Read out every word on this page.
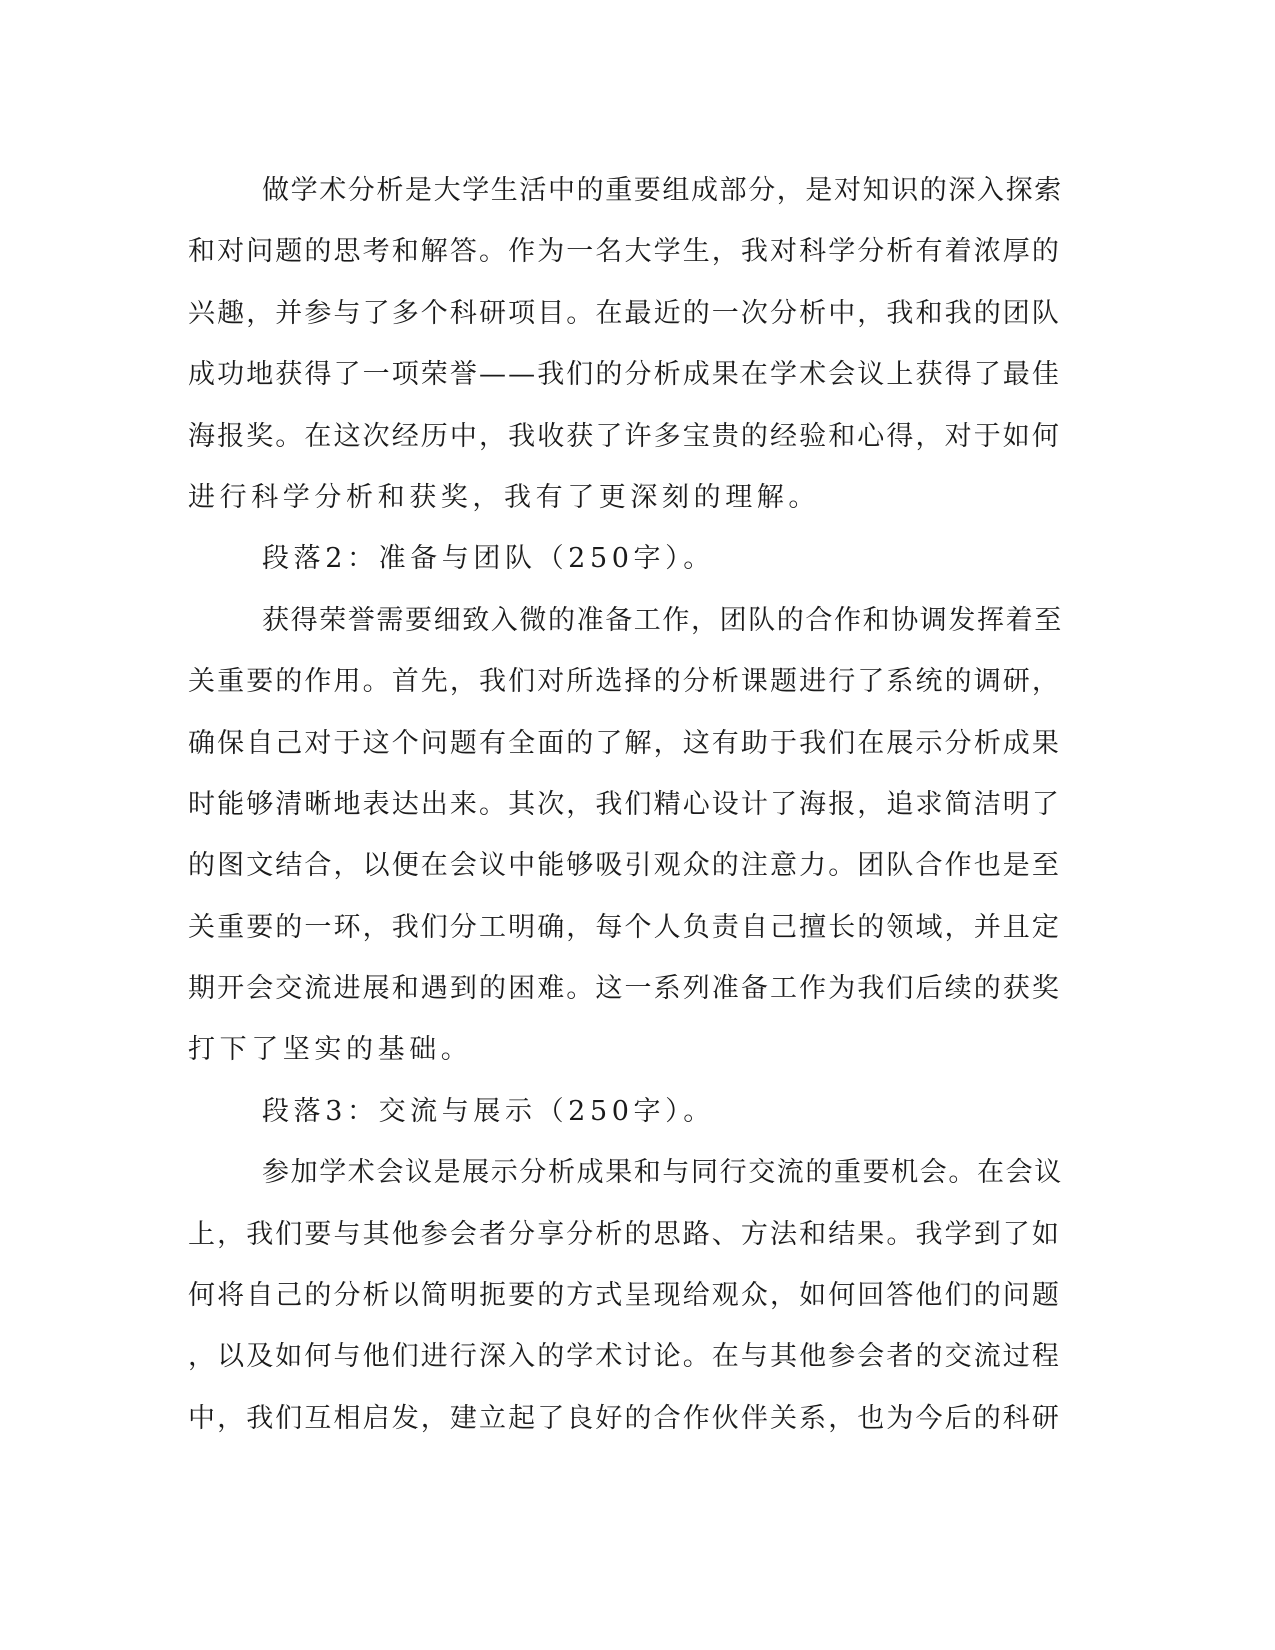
做学术分析是大学生活中的重要组成部分，是对知识的深入探索
和对问题的思考和解答。作为一名大学生，我对科学分析有着浓厚的
兴趣，并参与了多个科研项目。在最近的一次分析中，我和我的团队
成功地获得了一项荣誉——我们的分析成果在学术会议上获得了最佳
海报奖。在这次经历中，我收获了许多宝贵的经验和心得，对于如何
进行科学分析和获奖，我有了更深刻的理解。
段落2：准备与团队（250字）。
获得荣誉需要细致入微的准备工作，团队的合作和协调发挥着至
关重要的作用。首先，我们对所选择的分析课题进行了系统的调研，
确保自己对于这个问题有全面的了解，这有助于我们在展示分析成果
时能够清晰地表达出来。其次，我们精心设计了海报，追求简洁明了
的图文结合，以便在会议中能够吸引观众的注意力。团队合作也是至
关重要的一环，我们分工明确，每个人负责自己擅长的领域，并且定
期开会交流进展和遇到的困难。这一系列准备工作为我们后续的获奖
打下了坚实的基础。
段落3：交流与展示（250字）。
参加学术会议是展示分析成果和与同行交流的重要机会。在会议
上，我们要与其他参会者分享分析的思路、方法和结果。我学到了如
何将自己的分析以简明扼要的方式呈现给观众，如何回答他们的问题
，以及如何与他们进行深入的学术讨论。在与其他参会者的交流过程
中，我们互相启发，建立起了良好的合作伙伴关系，也为今后的科研
